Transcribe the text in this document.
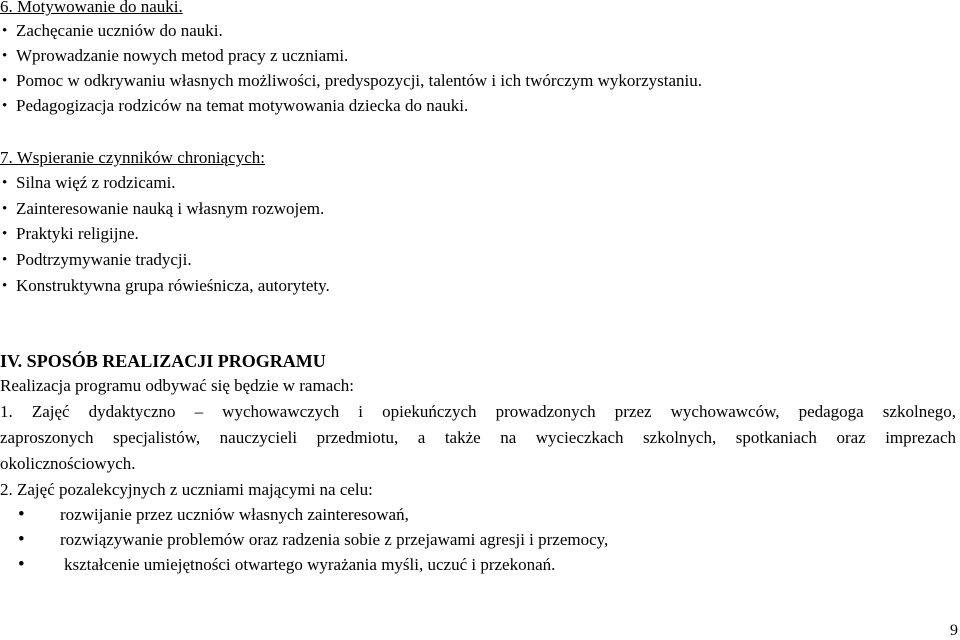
6. Motywowanie do nauki.
• Zachęcanie uczniów do nauki.
• Wprowadzanie nowych metod pracy z uczniami.
• Pomoc w odkrywaniu własnych możliwości, predyspozycji, talentów i ich twórczym wykorzystaniu.
• Pedagogizacja rodziców na temat motywowania dziecka do nauki.
7. Wspieranie czynników chroniących:
• Silna więź z rodzicami.
• Zainteresowanie nauką i własnym rozwojem.
• Praktyki religijne.
• Podtrzymywanie tradycji.
• Konstruktywna grupa rówieśnicza, autorytety.
IV. SPOSÓB REALIZACJI PROGRAMU
Realizacja programu odbywać się będzie w ramach:
1. Zajęć dydaktyczno – wychowawczych i opiekuńczych prowadzonych przez wychowawców, pedagoga szkolnego,
zaproszonych specjalistów, nauczycieli przedmiotu, a także na wycieczkach szkolnych, spotkaniach oraz imprezach
okolicznościowych.
2. Zajęć pozalekcyjnych z uczniami mającymi na celu:
• rozwijanie przez uczniów własnych zainteresowań,
• rozwiązywanie problemów oraz radzenia sobie z przejawami agresji i przemocy,
• kształcenie umiejętności otwartego wyrażania myśli, uczuć i przekonań.
9
